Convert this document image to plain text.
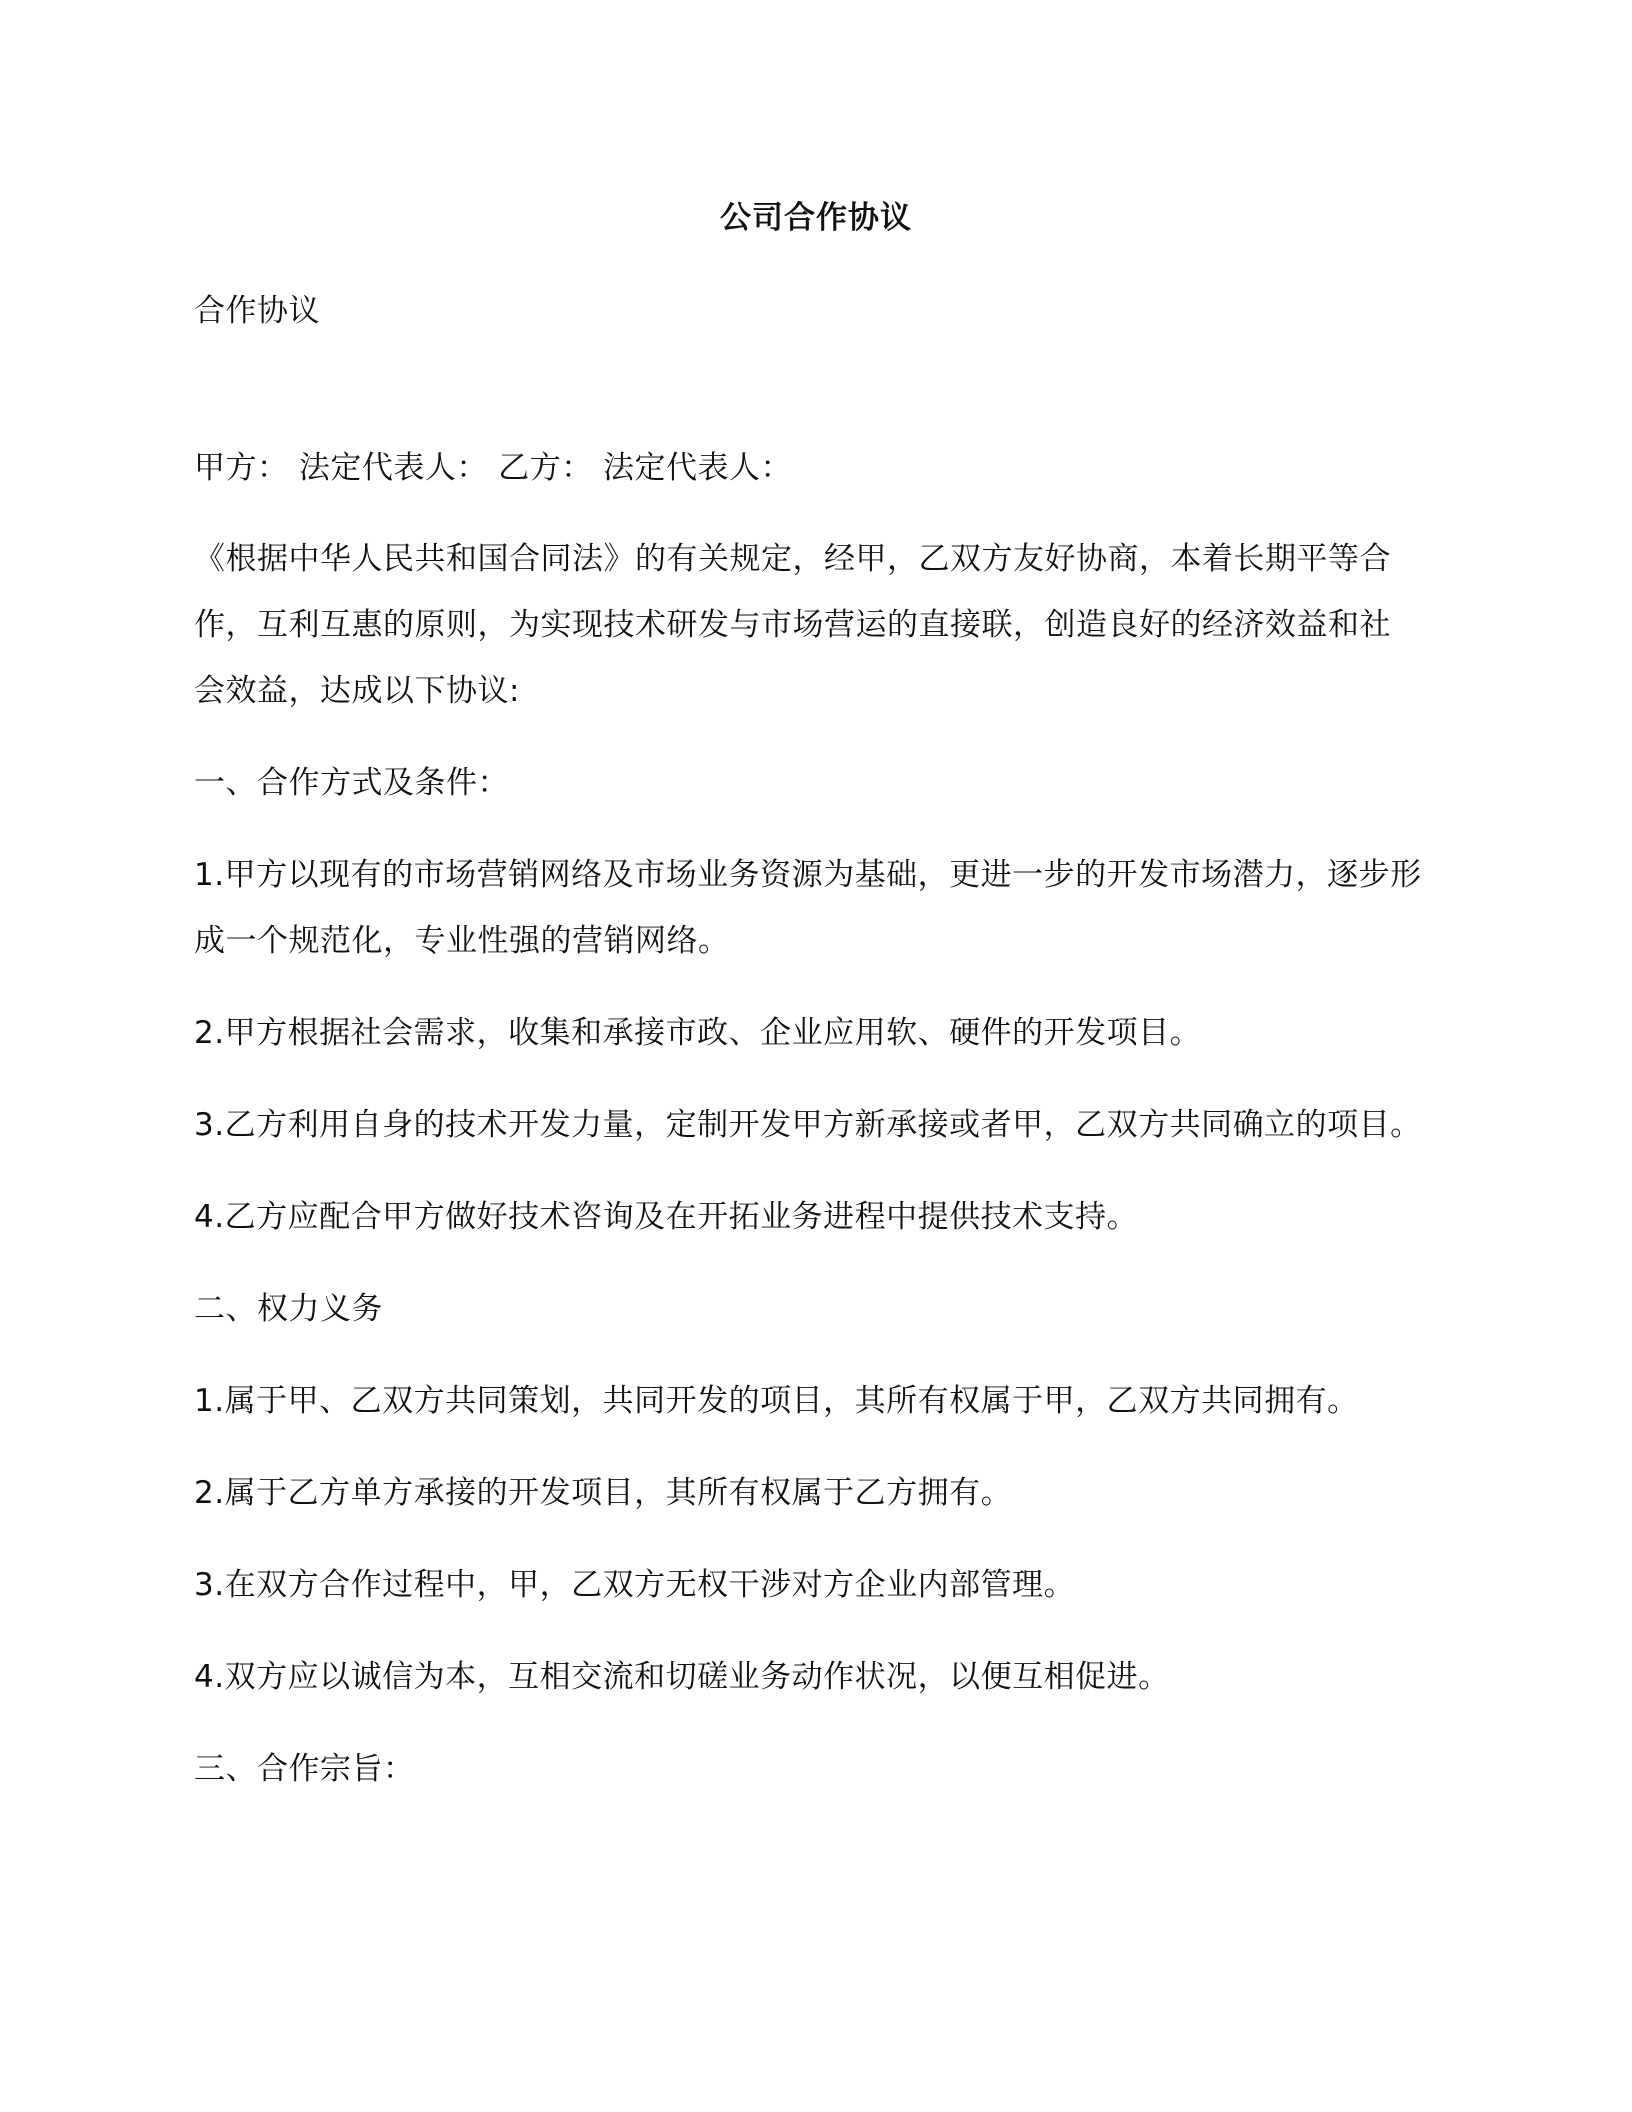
公司合作协议
合作协议
甲方： 法定代表人： 乙方： 法定代表人：
《根据中华人民共和国合同法》的有关规定，经甲，乙双方友好协商，本着长期平等合
作，互利互惠的原则，为实现技术研发与市场营运的直接联，创造良好的经济效益和社
会效益，达成以下协议:
一、合作方式及条件：
1.甲方以现有的市场营销网络及市场业务资源为基础，更进一步的开发市场潜力，逐步形
成一个规范化，专业性强的营销网络。
2.甲方根据社会需求，收集和承接市政、企业应用软、硬件的开发项目。
3.乙方利用自身的技术开发力量，定制开发甲方新承接或者甲，乙双方共同确立的项目。
4.乙方应配合甲方做好技术咨询及在开拓业务进程中提供技术支持。
二、权力义务
1.属于甲、乙双方共同策划，共同开发的项目，其所有权属于甲，乙双方共同拥有。
2.属于乙方单方承接的开发项目，其所有权属于乙方拥有。
3.在双方合作过程中，甲，乙双方无权干涉对方企业内部管理。
4.双方应以诚信为本，互相交流和切磋业务动作状况，以便互相促进。
三、合作宗旨：
